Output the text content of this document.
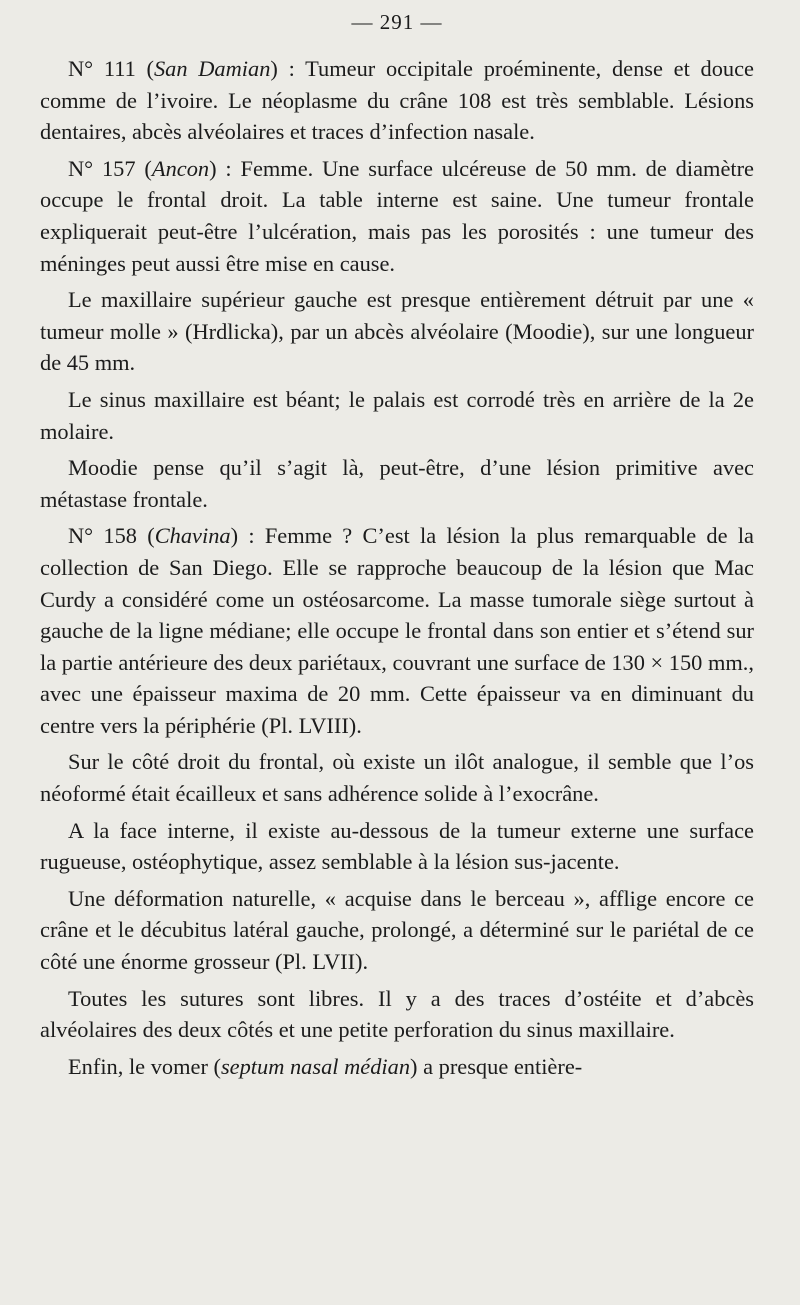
— 291 —

N° 111 (San Damian) : Tumeur occipitale proéminente, dense et douce comme de l’ivoire. Le néoplasme du crâne 108 est très semblable. Lésions dentaires, abcès alvéolaires et traces d’infection nasale.

N° 157 (Ancon) : Femme. Une surface ulcéreuse de 50 mm. de diamètre occupe le frontal droit. La table interne est saine. Une tumeur frontale expliquerait peut-être l’ulcération, mais pas les porosités : une tumeur des méninges peut aussi être mise en cause.

Le maxillaire supérieur gauche est presque entièrement détruit par une « tumeur molle » (Hrdlicka), par un abcès alvéolaire (Moodie), sur une longueur de 45 mm.

Le sinus maxillaire est béant; le palais est corrodé très en arrière de la 2e molaire.

Moodie pense qu’il s’agit là, peut-être, d’une lésion primitive avec métastase frontale.

N° 158 (Chavina) : Femme ? C’est la lésion la plus remarquable de la collection de San Diego. Elle se rapproche beaucoup de la lésion que Mac Curdy a considéré come un ostéosarcome. La masse tumorale siège surtout à gauche de la ligne médiane; elle occupe le frontal dans son entier et s’étend sur la partie antérieure des deux pariétaux, couvrant une surface de 130 × 150 mm., avec une épaisseur maxima de 20 mm. Cette épaisseur va en diminuant du centre vers la périphérie (Pl. LVIII).

Sur le côté droit du frontal, où existe un ilôt analogue, il semble que l’os néoformé était écailleux et sans adhérence solide à l’exocrâne.

A la face interne, il existe au-dessous de la tumeur externe une surface rugueuse, ostéophytique, assez semblable à la lésion sus-jacente.

Une déformation naturelle, « acquise dans le berceau », afflige encore ce crâne et le décubitus latéral gauche, prolongé, a déterminé sur le pariétal de ce côté une énorme grosseur (Pl. LVII).

Toutes les sutures sont libres. Il y a des traces d’ostéite et d’abcès alvéolaires des deux côtés et une petite perforation du sinus maxillaire.

Enfin, le vomer (septum nasal médian) a presque entière-
